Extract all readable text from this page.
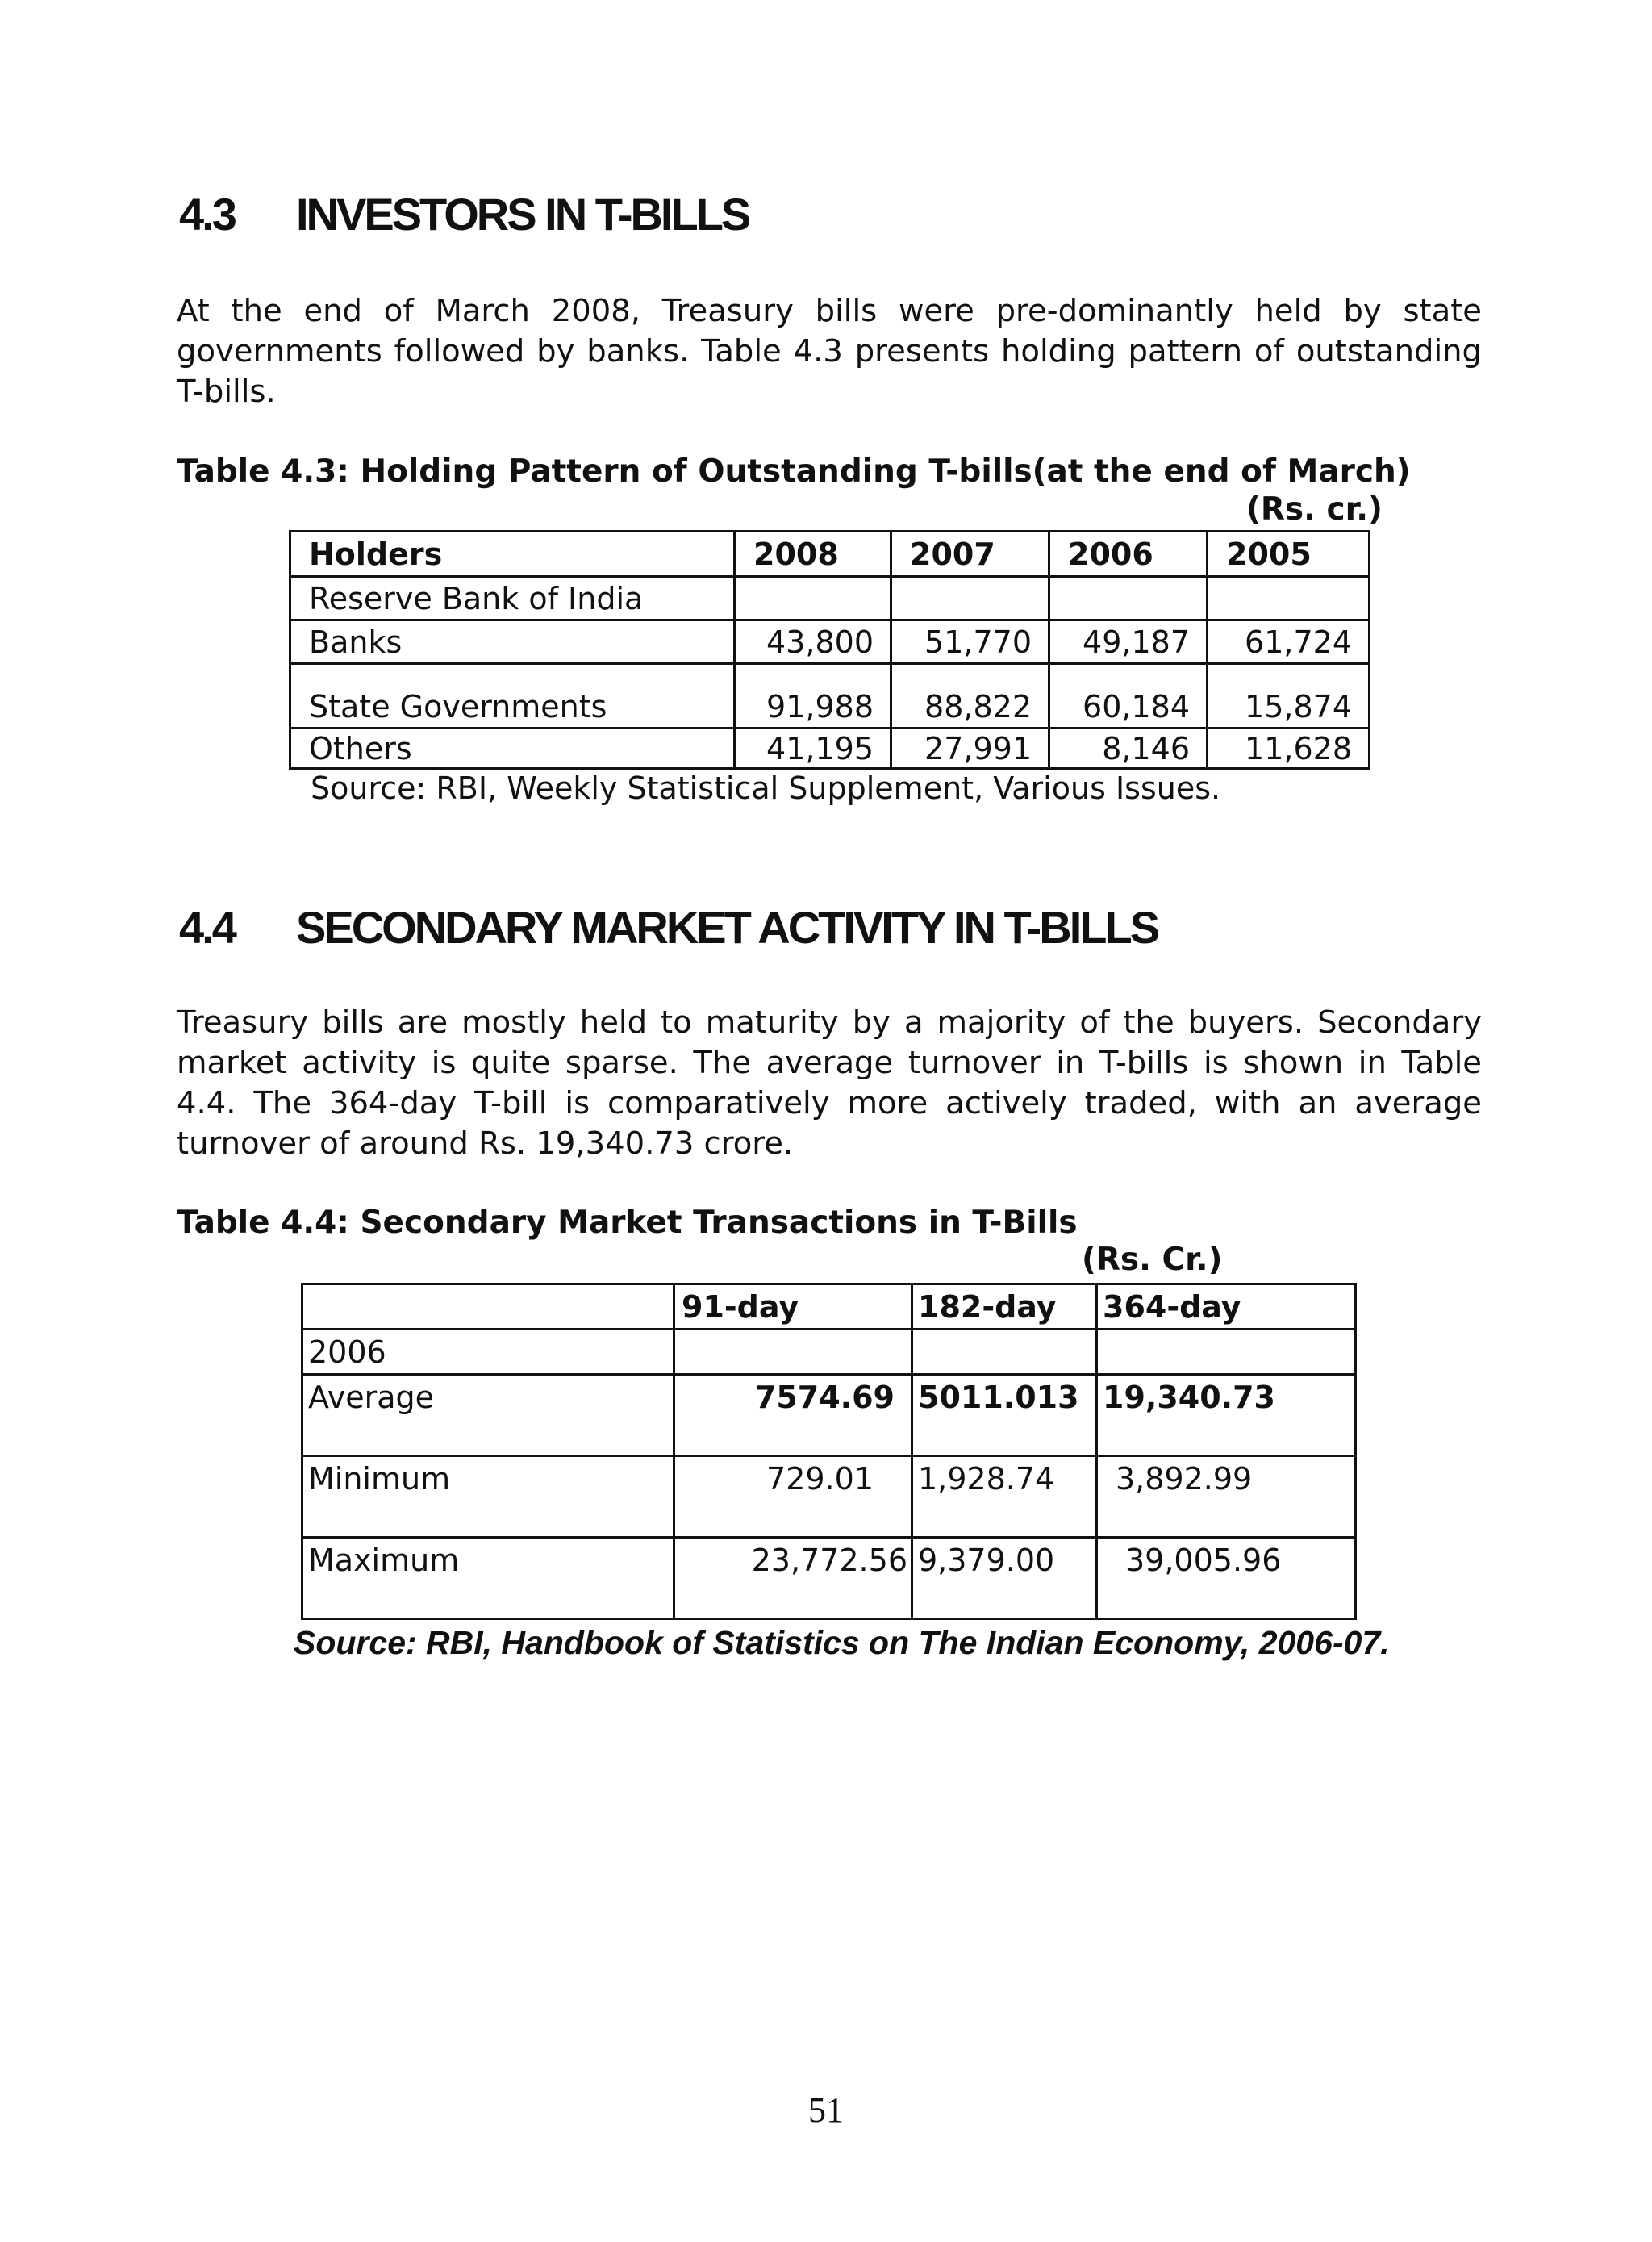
4.3 INVESTORS IN T-BILLS

At the end of March 2008, Treasury bills were pre-dominantly held by state governments followed by banks. Table 4.3 presents holding pattern of outstanding T-bills.

Table 4.3: Holding Pattern of Outstanding T-bills(at the end of March)

(Rs. cr.)

Holders	2008	2007	2006	2005
Reserve Bank of India				
Banks	43,800	51,770	49,187	61,724
State Governments	91,988	88,822	60,184	15,874
Others	41,195	27,991	8,146	11,628

Source: RBI, Weekly Statistical Supplement, Various Issues.

4.4 SECONDARY MARKET ACTIVITY IN T-BILLS

Treasury bills are mostly held to maturity by a majority of the buyers. Secondary market activity is quite sparse. The average turnover in T-bills is shown in Table 4.4. The 364-day T-bill is comparatively more actively traded, with an average turnover of around Rs. 19,340.73 crore.

Table 4.4: Secondary Market Transactions in T-Bills

(Rs. Cr.)

	91-day	182-day	364-day
2006			
Average	7574.69	5011.013	19,340.73
Minimum	729.01	1,928.74	3,892.99
Maximum	23,772.56	9,379.00	39,005.96

Source: RBI, Handbook of Statistics on The Indian Economy, 2006-07.

51
